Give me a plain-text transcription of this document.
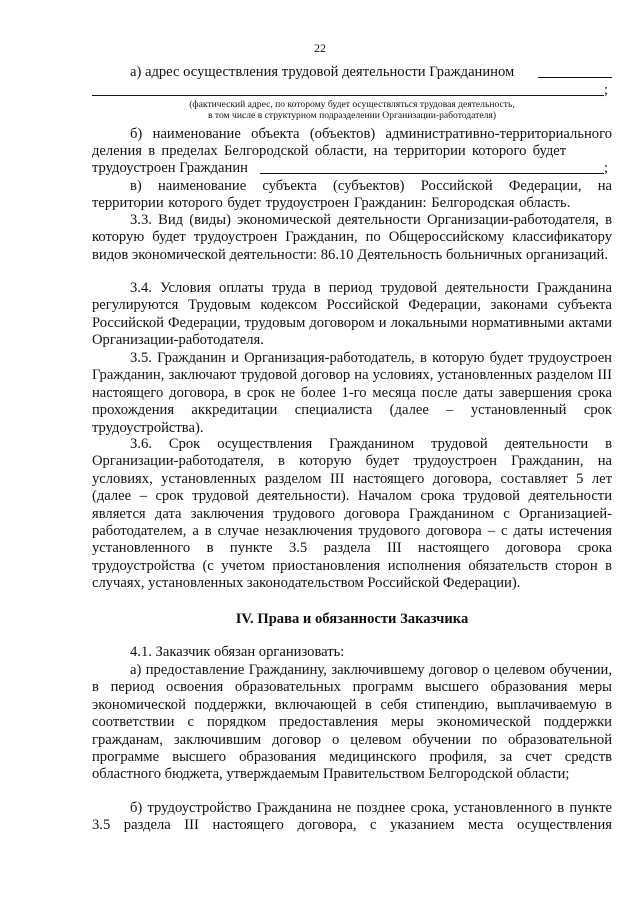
22
а) адрес осуществления трудовой деятельности Гражданином
;
(фактический адрес, по которому будет осуществляться трудовая деятельность,
в том числе в структурном подразделении Организации-работодателя)
б) наименование объекта (объектов) административно-территориального
деления в пределах Белгородской области, на территории которого будет
трудоустроен Гражданин	;

в) наименование субъекта (субъектов) Российской Федерации, на территории которого будет трудоустроен Гражданин: Белгородская область.

3.3. Вид (виды) экономической деятельности Организации-работодателя, в которую будет трудоустроен Гражданин, по Общероссийскому классификатору видов экономической деятельности: 86.10 Деятельность больничных организаций.

3.4. Условия оплаты труда в период трудовой деятельности Гражданина регулируются Трудовым кодексом Российской Федерации, законами субъекта Российской Федерации, трудовым договором и локальными нормативными актами Организации-работодателя.

3.5. Гражданин и Организация-работодатель, в которую будет трудоустроен Гражданин, заключают трудовой договор на условиях, установленных разделом III настоящего договора, в срок не более 1-го месяца после даты завершения срока прохождения аккредитации специалиста (далее – установленный срок трудоустройства).

3.6. Срок осуществления Гражданином трудовой деятельности в Организации-работодателя, в которую будет трудоустроен Гражданин, на условиях, установленных разделом III настоящего договора, составляет 5 лет (далее – срок трудовой деятельности). Началом срока трудовой деятельности является дата заключения трудового договора Гражданином с Организацией-работодателем, а в случае незаключения трудового договора – с даты истечения установленного в пункте 3.5 раздела III настоящего договора срока трудоустройства (с учетом приостановления исполнения обязательств сторон в случаях, установленных законодательством Российской Федерации).

IV. Права и обязанности Заказчика

4.1. Заказчик обязан организовать:

а) предоставление Гражданину, заключившему договор о целевом обучении, в период освоения образовательных программ высшего образования меры экономической поддержки, включающей в себя стипендию, выплачиваемую в соответствии с порядком предоставления меры экономической поддержки гражданам, заключившим договор о целевом обучении по образовательной программе высшего образования медицинского профиля, за счет средств областного бюджета, утверждаемым Правительством Белгородской области;

б) трудоустройство Гражданина не позднее срока, установленного в пункте 3.5 раздела III настоящего договора, с указанием места осуществления
